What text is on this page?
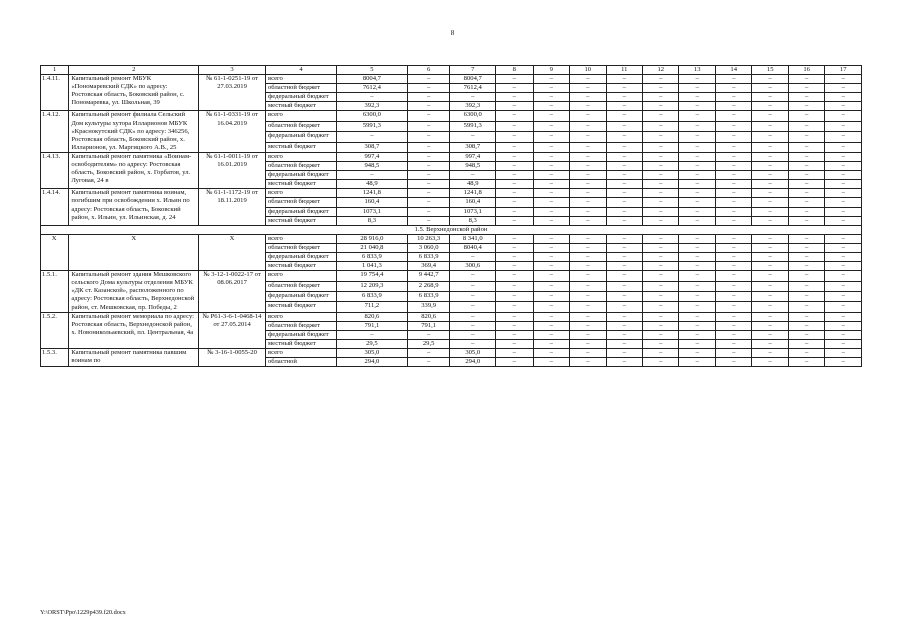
8
1	2	3	4	5	6	7	8	9	10	11	12	13	14	15	16	17
1.4.11.	Капитальный ремонт МБУК «Пономаревский СДК» по адресу: Ростовская область, Боковский район, с. Пономаревка, ул. Школьная, 39	№ 61-1-0251-19 от 27.03.2019	всего	8004,7	–	8004,7	–	–	–	–	–	–	–	–	–	–
			областной бюджет	7612,4	–	7612,4	–	–	–	–	–	–	–	–	–	–
			федеральный бюджет	–	–	–	–	–	–	–	–	–	–	–	–	–
			местный бюджет	392,3	–	392,3	–	–	–	–	–	–	–	–	–	–
1.4.12.	Капитальный ремонт филиала Сельский Дом культуры хутора Илларионов МБУК «Краснокутский СДК» по адресу: 346256, Ростовская область, Боковский район, х. Илларионов, ул. Маргицкого А.В., 25	№ 61-1-0331-19 от 16.04.2019	всего	6300,0	–	6300,0	–	–	–	–	–	–	–	–	–	–
			областной бюджет	5991,3	–	5991,3	–	–	–	–	–	–	–	–	–	–
			федеральный бюджет	–	–	–	–	–	–	–	–	–	–	–	–	–
			местный бюджет	308,7	–	308,7	–	–	–	–	–	–	–	–	–	–
1.4.13.	Капитальный ремонт памятника «Воинам-освободителям» по адресу: Ростовская область, Боковский район, х. Горбатов, ул. Луговая, 24 в	№ 61-1-0011-19 от 16.01.2019	всего	997,4	–	997,4	–	–	–	–	–	–	–	–	–	–
			областной бюджет	948,5	–	948,5	–	–	–	–	–	–	–	–	–	–
			федеральный бюджет	–	–	–	–	–	–	–	–	–	–	–	–	–
			местный бюджет	48,9	–	48,9	–	–	–	–	–	–	–	–	–	–
1.4.14.	Капитальный ремонт памятника воинам, погибшим при освобождении х. Ильин по адресу: Ростовская область, Боковский район, х. Ильин, ул. Ильинская, д. 24	№ 61-1-1172-19 от 18.11.2019	всего	1241,8	–	1241,8	–	–	–	–	–	–	–	–	–	–
			областной бюджет	160,4	–	160,4	–	–	–	–	–	–	–	–	–	–
			федеральный бюджет	1073,1	–	1073,1	–	–	–	–	–	–	–	–	–	–
			местный бюджет	8,3	–	8,3	–	–	–	–	–	–	–	–	–	–
1.5. Верхнедонской район																
Х	Х	Х	всего	28 916,0	10 263,3	8 341,0	–	–	–	–	–	–	–	–	–	–
			областной бюджет	21 040,8	3 060,0	8040,4	–	–	–	–	–	–	–	–	–	–
			федеральный бюджет	6 833,9	6 833,9	–	–	–	–	–	–	–	–	–	–	–
			местный бюджет	1 041,3	369,4	300,6	–	–	–	–	–	–	–	–	–	–
1.5.1.	Капитальный ремонт здания Мешковского сельского Дома культуры отделения МБУК «ДК ст. Казанской», расположенного по адресу: Ростовская область, Верхнедонской район, ст. Мешковская, пр. Победы, 2	№ 3-12-1-0022-17 от 08.06.2017	всего	19 754,4	9 442,7	–	–	–	–	–	–	–	–	–	–	–
			областной бюджет	12 209,3	2 268,9	–	–	–	–	–	–	–	–	–	–	–
			федеральный бюджет	6 833,9	6 833,9	–	–	–	–	–	–	–	–	–	–	–
			местный бюджет	711,2	339,9	–	–	–	–	–	–	–	–	–	–	–
1.5.2.	Капитальный ремонт мемориала по адресу: Ростовская область, Верхнедонской район, х. Новоникольаевский, пл. Центральная, 4а	№ Р61-3-6-1-0468-14 от 27.05.2014	всего	820,6	820,6	–	–	–	–	–	–	–	–	–	–	–
			областной бюджет	791,1	791,1	–	–	–	–	–	–	–	–	–	–	–
			федеральный бюджет	–	–	–	–	–	–	–	–	–	–	–	–	–
			местный бюджет	29,5	29,5	–	–	–	–	–	–	–	–	–	–	–
1.5.3.	Капитальный ремонт памятника павшим воинам по	№ 3-16-1-0055-20	всего	305,0	–	305,0	–	–	–	–	–	–	–	–	–	–
			областной	294,0	–	294,0	–	–	–	–	–	–	–	–	–	–
Y:\ORST\Ppo\1229p439.f20.docx
